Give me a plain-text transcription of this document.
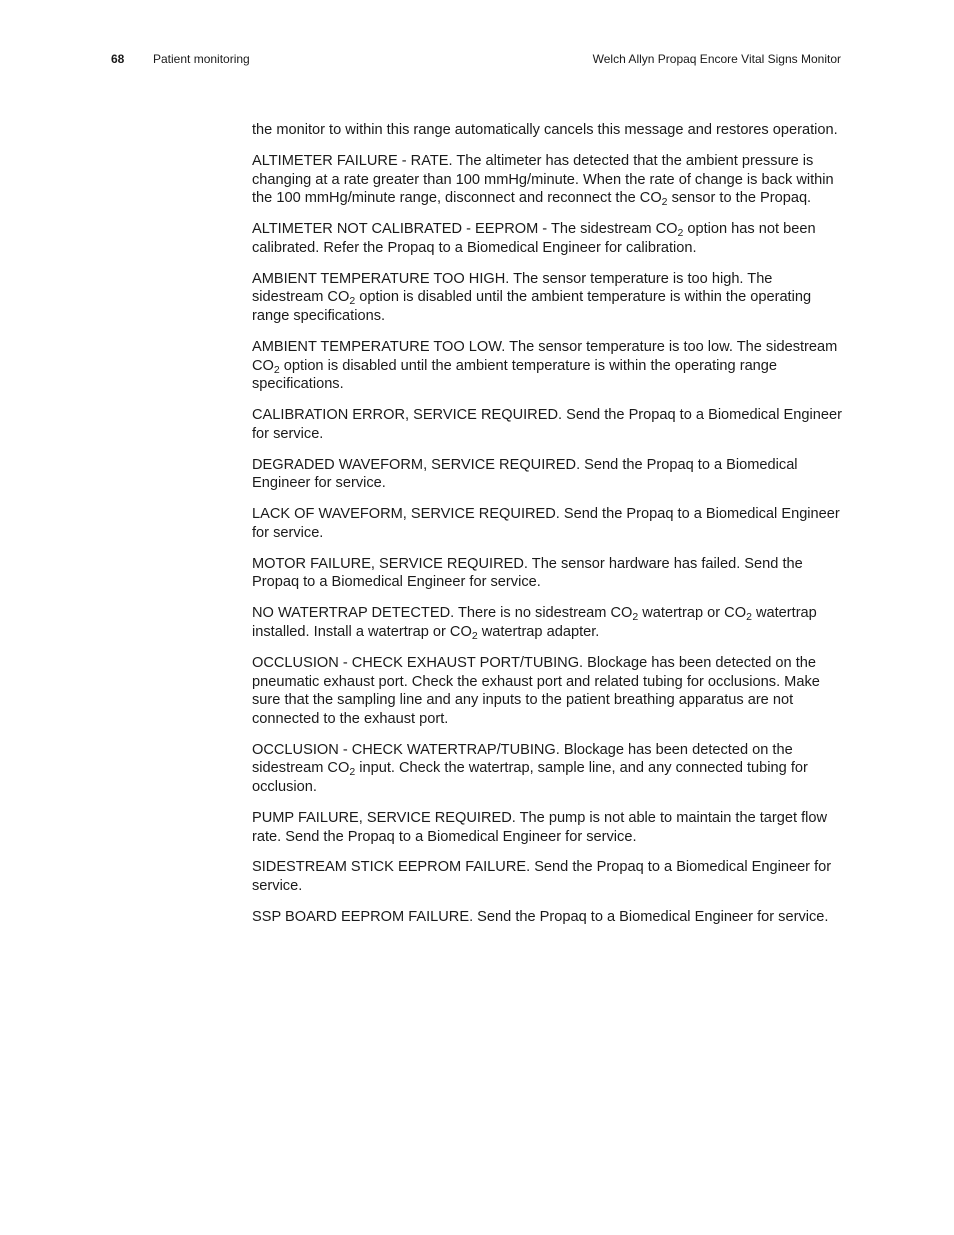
68 Patient monitoring	Welch Allyn Propaq Encore Vital Signs Monitor

the monitor to within this range automatically cancels this message and restores operation.

ALTIMETER FAILURE - RATE. The altimeter has detected that the ambient pressure is changing at a rate greater than 100 mmHg/minute. When the rate of change is back within the 100 mmHg/minute range, disconnect and reconnect the $CO_2$ sensor to the Propaq.

ALTIMETER NOT CALIBRATED - EEPROM - The sidestream $CO_2$ option has not been calibrated. Refer the Propaq to a Biomedical Engineer for calibration.

AMBIENT TEMPERATURE TOO HIGH. The sensor temperature is too high. The sidestream $CO_2$ option is disabled until the ambient temperature is within the operating range specifications.

AMBIENT TEMPERATURE TOO LOW. The sensor temperature is too low. The sidestream $CO_2$ option is disabled until the ambient temperature is within the operating range specifications.

CALIBRATION ERROR, SERVICE REQUIRED. Send the Propaq to a Biomedical Engineer for service.

DEGRADED WAVEFORM, SERVICE REQUIRED. Send the Propaq to a Biomedical Engineer for service.

LACK OF WAVEFORM, SERVICE REQUIRED. Send the Propaq to a Biomedical Engineer for service.

MOTOR FAILURE, SERVICE REQUIRED. The sensor hardware has failed. Send the Propaq to a Biomedical Engineer for service.

NO WATERTRAP DETECTED. There is no sidestream $CO_2$ watertrap or $CO_2$ watertrap installed. Install a watertrap or $CO_2$ watertrap adapter.

OCCLUSION - CHECK EXHAUST PORT/TUBING. Blockage has been detected on the pneumatic exhaust port. Check the exhaust port and related tubing for occlusions. Make sure that the sampling line and any inputs to the patient breathing apparatus are not connected to the exhaust port.

OCCLUSION - CHECK WATERTRAP/TUBING. Blockage has been detected on the sidestream $CO_2$ input. Check the watertrap, sample line, and any connected tubing for occlusion.

PUMP FAILURE, SERVICE REQUIRED. The pump is not able to maintain the target flow rate. Send the Propaq to a Biomedical Engineer for service.

SIDESTREAM STICK EEPROM FAILURE. Send the Propaq to a Biomedical Engineer for service.

SSP BOARD EEPROM FAILURE. Send the Propaq to a Biomedical Engineer for service.
